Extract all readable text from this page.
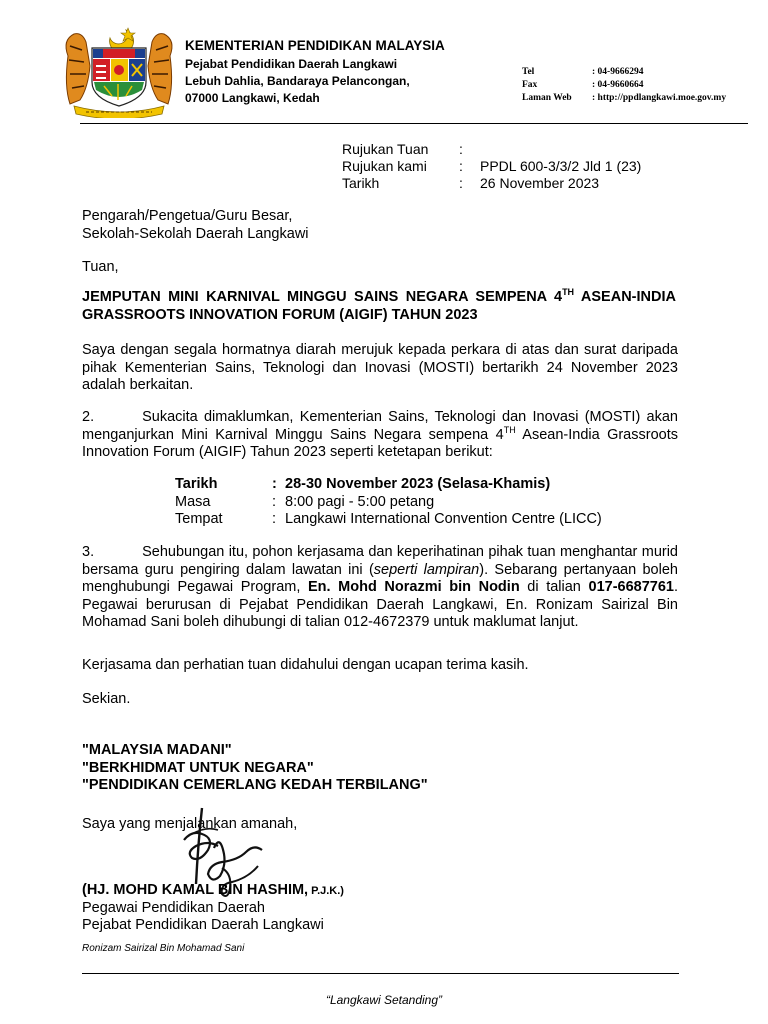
KEMENTERIAN PENDIDIKAN MALAYSIA
Pejabat Pendidikan Daerah Langkawi
Lebuh Dahlia, Bandaraya Pelancongan,
07000 Langkawi, Kedah
Tel	: 04-9666294
Fax	: 04-9660664
Laman Web	: http://ppdlangkawi.moe.gov.my
Rujukan Tuan	:
Rujukan kami	:	PPDL 600-3/3/2 Jld 1 (23)
Tarikh	:	26 November 2023
Pengarah/Pengetua/Guru Besar,
Sekolah-Sekolah Daerah Langkawi
Tuan,
JEMPUTAN MINI KARNIVAL MINGGU SAINS NEGARA SEMPENA 4TH ASEAN-INDIA GRASSROOTS INNOVATION FORUM (AIGIF) TAHUN 2023
Saya dengan segala hormatnya diarah merujuk kepada perkara di atas dan surat daripada pihak Kementerian Sains, Teknologi dan Inovasi (MOSTI) bertarikh 24 November 2023 adalah berkaitan.
2.	Sukacita dimaklumkan, Kementerian Sains, Teknologi dan Inovasi (MOSTI) akan menganjurkan Mini Karnival Minggu Sains Negara sempena 4TH Asean-India Grassroots Innovation Forum (AIGIF) Tahun 2023 seperti ketetapan berikut:
Tarikh	: 28-30 November 2023 (Selasa-Khamis)
Masa	: 8:00 pagi - 5:00 petang
Tempat	: Langkawi International Convention Centre (LICC)
3.	Sehubungan itu, pohon kerjasama dan keperihatinan pihak tuan menghantar murid bersama guru pengiring dalam lawatan ini (seperti lampiran). Sebarang pertanyaan boleh menghubungi Pegawai Program, En. Mohd Norazmi bin Nodin di talian 017-6687761. Pegawai berurusan di Pejabat Pendidikan Daerah Langkawi, En. Ronizam Sairizal Bin Mohamad Sani boleh dihubungi di talian 012-4672379 untuk maklumat lanjut.
Kerjasama dan perhatian tuan didahului dengan ucapan terima kasih.
Sekian.
"MALAYSIA MADANI"
"BERKHIDMAT UNTUK NEGARA"
"PENDIDIKAN CEMERLANG KEDAH TERBILANG"
Saya yang menjalankan amanah,
(HJ. MOHD KAMAL BIN HASHIM, P.J.K.)
Pegawai Pendidikan Daerah
Pejabat Pendidikan Daerah Langkawi
Ronizam Sairizal Bin Mohamad Sani
“Langkawi Setanding”
